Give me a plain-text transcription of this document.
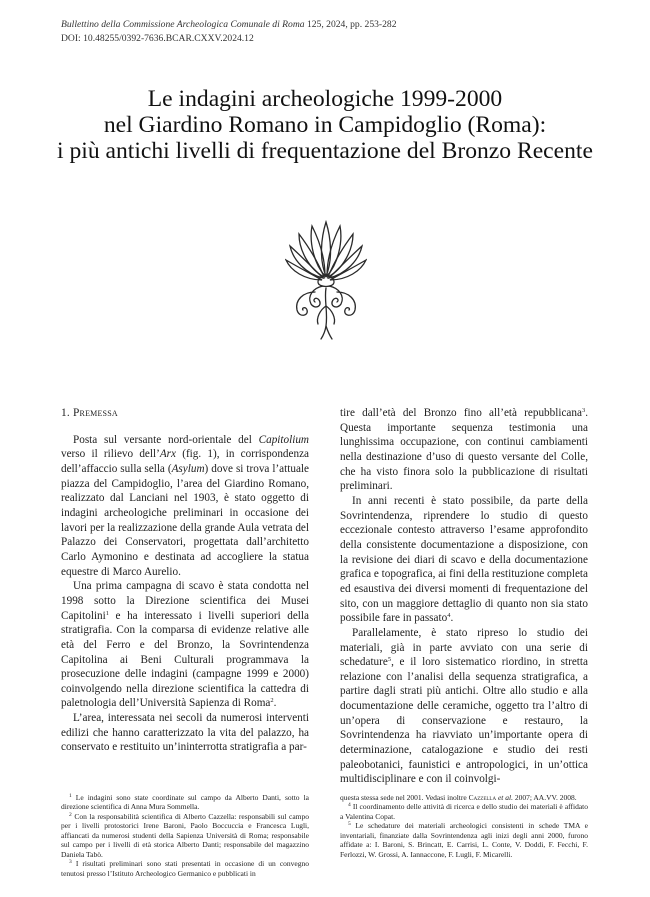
Bullettino della Commissione Archeologica Comunale di Roma 125, 2024, pp. 253-282
DOI: 10.48255/0392-7636.BCAR.CXXV.2024.12
Le indagini archeologiche 1999-2000
nel Giardino Romano in Campidoglio (Roma):
i più antichi livelli di frequentazione del Bronzo Recente

1. Premessa

Posta sul versante nord-orientale del Capitolium verso il rilievo dell’Arx (fig. 1), in corrispondenza dell’affaccio sulla sella (Asylum) dove si trova l’attuale piazza del Campidoglio, l’area del Giardino Romano, realizzato dal Lanciani nel 1903, è stato oggetto di indagini archeologiche preliminari in occasione dei lavori per la realizzazione della grande Aula vetrata del Palazzo dei Conservatori, progettata dall’architetto Carlo Aymonino e destinata ad accogliere la statua equestre di Marco Aurelio.

Una prima campagna di scavo è stata condotta nel 1998 sotto la Direzione scientifica dei Musei Capitolini$^1$ e ha interessato i livelli superiori della stratigrafia. Con la comparsa di evidenze relative alle età del Ferro e del Bronzo, la Sovrintendenza Capitolina ai Beni Culturali programmava la prosecuzione delle indagini (campagne 1999 e 2000) coinvolgendo nella direzione scientifica la cattedra di paletnologia dell’Università Sapienza di Roma$^2$.

L’area, interessata nei secoli da numerosi interventi edilizi che hanno caratterizzato la vita del palazzo, ha conservato e restituito un’ininterrotta stratigrafia a par-

tire dall’età del Bronzo fino all’età repubblicana$^3$. Questa importante sequenza testimonia una lunghissima occupazione, con continui cambiamenti nella destinazione d’uso di questo versante del Colle, che ha visto finora solo la pubblicazione di risultati preliminari.

In anni recenti è stato possibile, da parte della Sovrintendenza, riprendere lo studio di questo eccezionale contesto attraverso l’esame approfondito della consistente documentazione a disposizione, con la revisione dei diari di scavo e della documentazione grafica e topografica, ai fini della restituzione completa ed esaustiva dei diversi momenti di frequentazione del sito, con un maggiore dettaglio di quanto non sia stato possibile fare in passato$^4$.

Parallelamente, è stato ripreso lo studio dei materiali, già in parte avviato con una serie di schedature$^5$, e il loro sistematico riordino, in stretta relazione con l’analisi della sequenza stratigrafica, a partire dagli strati più antichi. Oltre allo studio e alla documentazione delle ceramiche, oggetto tra l’altro di un’opera di conservazione e restauro, la Sovrintendenza ha riavviato un’importante opera di determinazione, catalogazione e studio dei resti paleobotanici, faunistici e antropologici, in un’ottica multidisciplinare e con il coinvolgi-

$^1$ Le indagini sono state coordinate sul campo da Alberto Danti, sotto la direzione scientifica di Anna Mura Sommella.

$^2$ Con la responsabilità scientifica di Alberto Cazzella: responsabili sul campo per i livelli protostorici Irene Baroni, Paolo Boccuccia e Francesca Lugli, affiancati da numerosi studenti della Sapienza Università di Roma; responsabile sul campo per i livelli di età storica Alberto Danti; responsabile del magazzino Daniela Tabò.

$^3$ I risultati preliminari sono stati presentati in occasione di un convegno tenutosi presso l’Istituto Archeologico Germanico e pubblicati in

questa stessa sede nel 2001. Vedasi inoltre Cazzella et al. 2007; AA.VV. 2008.

$^4$ Il coordinamento delle attività di ricerca e dello studio dei materiali è affidato a Valentina Copat.

$^5$ Le schedature dei materiali archeologici consistenti in schede TMA e inventariali, finanziate dalla Sovrintendenza agli inizi degli anni 2000, furono affidate a: I. Baroni, S. Brincatt, E. Carrisi, L. Conte, V. Doddi, F. Fecchi, F. Ferlozzi, W. Grossi, A. Iannaccone, F. Lugli, F. Micarelli.
